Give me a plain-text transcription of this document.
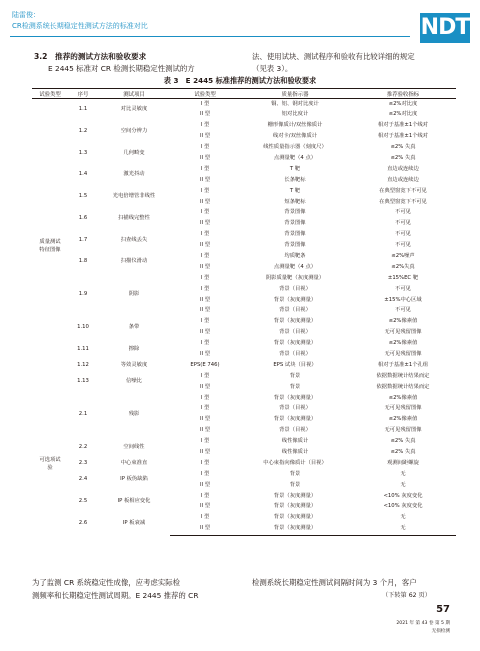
陆雷俊：
CR检测系统长期稳定性测试方法的标准对比	NDT
3.2　推荐的测试方法和验收要求
E 2445 标准对 CR 检测长期稳定性测试的方
法、使用试块、测试程序和验收有比较详细的规定
（见表 3）。
表 3　E 2445 标准推荐的测试方法和验收要求
试验类型	序号	测试项目	试验类型	质量指示器	推荐验收指标
质量测试特征图像	1.1	对比灵敏度	I 型	铜、铝、钢对比度计	≤2%对比度
			II 型	铝对比度计	≤2%对比度
	1.2	空间分辨力	I 型	栅形像质计/双丝像质计	相对于基准±1个线对
			II 型	线对卡/双丝像质计	相对于基准±1个线对
	1.3	几何畸变	I 型	线性质量指示器（刻度尺）	≤2% 失真
			II 型	点测量靶（4 点）	≤2% 失真
	1.4	激光抖动	I 型	T 靶	直边或连续边
			II 型	长条靶标	直边或连续边
	1.5	光电倍增管非线性	I 型	T 靶	在典型窗宽下不可见
			II 型	短条靶标	在典型窗宽下不可见
	1.6	扫描线完整性	I 型	背景图像	不可见
			II 型	背景图像	不可见
	1.7	扫查线丢失	I 型	背景图像	不可见
			II 型	背景图像	不可见
	1.8	扫描仪滑动	I 型	均质靶条	≤2%噪声
			II 型	点测量靶（4 点）	≤2%失真
	1.9	阴影	I 型	阴影质量靶（灰度测量）	±15%EC 靶
			I 型	背景（目视）	不可见
			II 型	背景（灰度测量）	±15%中心区域
			II 型	背景（目视）	不可见
	1.10	条带	I 型	背景（灰度测量）	≤2%像素值
			II 型	背景（目视）	无可见残留图像
	1.11	擦除	I 型	背景（灰度测量）	≤2%像素值
			II 型	背景（目视）	无可见残留图像
	1.12	等效灵敏度	EPS(E 746)	EPS 试块（目视）	相对于基准±1个孔组
	1.13	信噪比	I 型	背景	依据数据统计结果而定
			II 型	背景	依据数据统计结果而定
可选项试验	2.1	残影	I 型	背景（灰度测量）	≤2%像素值
			I 型	背景（目视）	无可见残留图像
			II 型	背景（灰度测量）	≤2%像素值
			II 型	背景（目视）	无可见残留图像
	2.2	空间线性	I 型	线性像质计	≤2% 失真
			II 型	线性像质计	≤2% 失真
	2.3	中心束准直	I 型	中心束指向像质计（目视）	观测间距螺旋
	2.4	IP 板伪缺陷	I 型	背景	无
			II 型	背景	无
	2.5	IP 板相应变化	I 型	背景（灰度测量）	<10% 灰度变化
			II 型	背景（灰度测量）	<10% 灰度变化
	2.6	IP 板衰减	I 型	背景（灰度测量）	无
			II 型	背景（灰度测量）	无
为了监测 CR 系统稳定性成像，应考虑实际检
测频率和长期稳定性测试周期。E 2445 推荐的 CR
检测系统长期稳定性测试间隔时间为 3 个月，客户
（下转第 62 页）
57
2021 年 第 43 卷 第 5 期
无损检测
